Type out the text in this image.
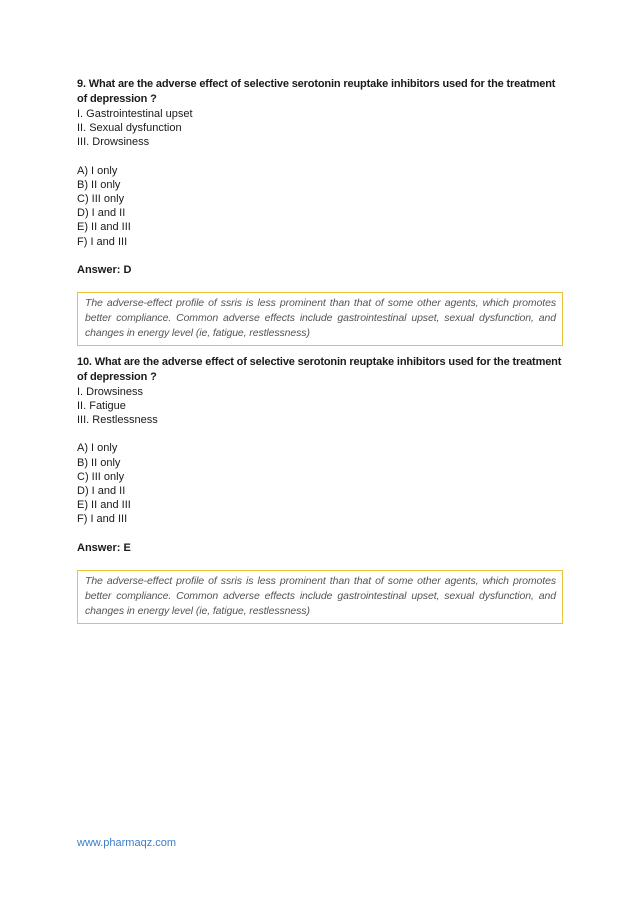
9. What are the adverse effect of selective serotonin reuptake inhibitors used for the treatment of depression ?

I. Gastrointestinal upset

II. Sexual dysfunction

III. Drowsiness

A) I only

B) II only

C) III only

D) I and II

E) II and III

F) I and III

Answer: D

The adverse-effect profile of ssris is less prominent than that of some other agents, which promotes better compliance. Common adverse effects include gastrointestinal upset, sexual dysfunction, and changes in energy level (ie, fatigue, restlessness)

10. What are the adverse effect of selective serotonin reuptake inhibitors used for the treatment of depression ?

I. Drowsiness

II. Fatigue

III. Restlessness

A) I only

B) II only

C) III only

D) I and II

E) II and III

F) I and III

Answer: E

The adverse-effect profile of ssris is less prominent than that of some other agents, which promotes better compliance. Common adverse effects include gastrointestinal upset, sexual dysfunction, and changes in energy level (ie, fatigue, restlessness)
www.pharmaqz.com
